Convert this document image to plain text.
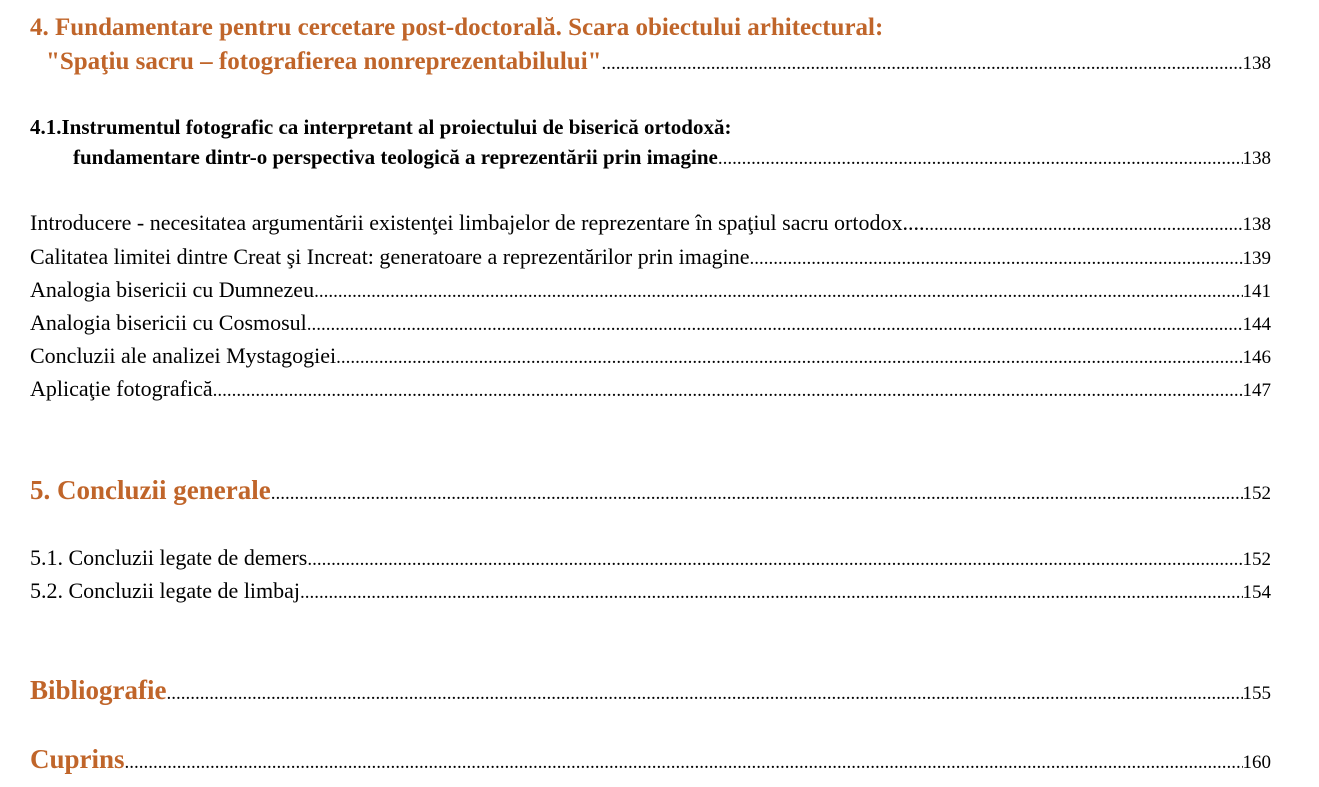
4. Fundamentare pentru cercetare post-doctorală. Scara obiectului arhitectural:
"Spaţiu sacru – fotografierea nonreprezentabilului" .....	138
4.1.Instrumentul fotografic ca interpretant al proiectului de biserică ortodoxă:
fundamentare dintr-o perspectiva teologică a reprezentării prin imagine .....	138
Introducere - necesitatea argumentării existenţei limbajelor de reprezentare în spaţiul sacru ortodox.... .....	138
Calitatea limitei dintre Creat şi Increat: generatoare a reprezentărilor prin imagine .....	139
Analogia bisericii cu Dumnezeu .....	141
Analogia bisericii cu Cosmosul .....	144
Concluzii ale analizei Mystagogiei .....	146
Aplicaţie fotografică .....	147
5. Concluzii generale .....	152
5.1. Concluzii legate de demers .....	152
5.2. Concluzii legate de limbaj .....	154
Bibliografie .....	155
Cuprins .....	160
